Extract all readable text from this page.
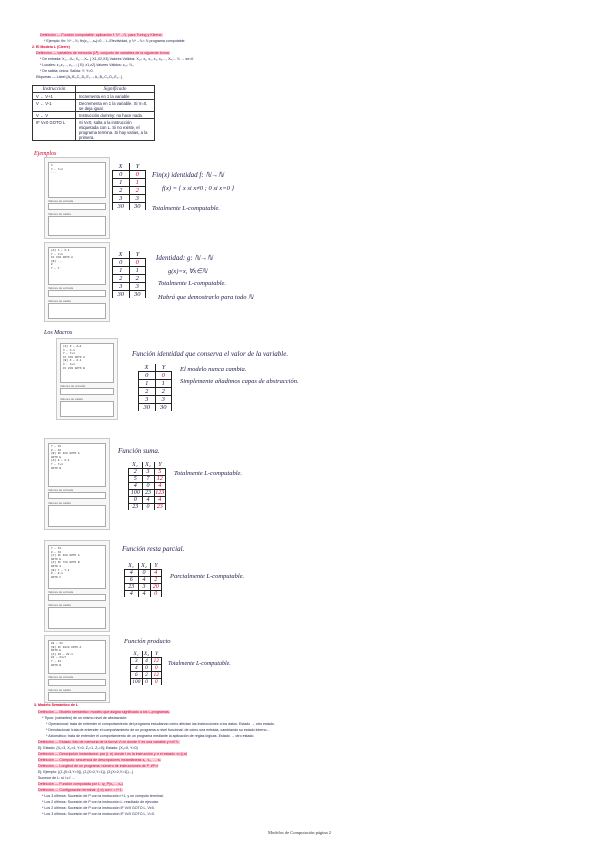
Definición — Función computable: aplicación f: ℕⁿ→ℕ, para Turing y Kleene.
* Ejemplo: fin: ℕⁿ→ℕ; fin(x₁,...,xₙ)=0 ... L-Efectividad, y ℕⁿ→ℕ= ℕ programa computable.
2. El Modelo L (Cierre)
Definición — variables de memoria (1ª): conjunto de variables de la siguiente forma:
* De entrada: X₁,..,Xₙ; X₁,...,Xₙ. { X1,X2,X3} Valores Válidos: X₁₀: x₁, x₂, x₃, x₄,..., Xₙ,... ℕ → se=0
* Locales: z₁,z₂..., z₁,...; { Ej: z1,z2} Valores Válidos: z₁₀: ℕ₀
* De salida: única: Salida: Y: Y=0.
Etiquetas — Label {A₁,B₁,C₁,D₁,E₁...; A₂,B₂,C₂,D₂,E₂...}
Instrucción	Significado
V ← V+1	Incrementa en 1 la variable
V ← V-1	Decrementa en 1 la variable. Si V=0, se deja igual.
V ← V	Instrucción dummy: no hace nada.
IF V≠0 GOTO L	Si V≠0, salta a la instrucción etiquetada con L. Si no existe, el programa termina. Si hay varias, a la primera.
Ejemplos
Los Macros
X
Y ← Y+1
...
Valores de entrada
Valores de salida
[A] X ← X-1
Y ← Y+1
IF X≠0 GOTO A
[B] ...
Z
Y ← Y
Valores de entrada
Valores de salida
[A] Z ← Z+1
X ← X-1
Y ← Y+1
IF X≠0 GOTO A
[B] Z ← Z-1
X ← X+1
IF Z≠0 GOTO B
Valores de entrada
Valores de salida
Y ← X1
Z ← X2
[B] IF Z≠0 GOTO A
GOTO E
[A] Z ← Z-1
Y ← Y+1
GOTO B
Valores de entrada
Valores de salida
Y ← X1
Z ← X2
[C] IF Z≠0 GOTO A
GOTO E
[A] IF Y≠0 GOTO B
GOTO A
[B] Y ← Y-1
Z ← Z-1
GOTO C
Valores de entrada
Valores de salida
Z2 ← X2
[B] IF Z2≠0 GOTO A
GOTO E
[A] Z2 ← Z2-1
Z1 ← X1+Y
Y ← Z1
GOTO B
Valores de entrada
Valores de salida
X	Y
0	0
1	1
2	2
3	3
30	30
Fin(x) identidad f: ℕ→ℕ
f(x) = { x si x≠0 ; 0 si x=0 }
Totalmente L-computable.
X	Y
0	0
1	1
2	2
3	3
30	30
Identidad: g: ℕ→ℕ
g(x)=x, ∀x∈ℕ
Totalmente L-computable.
Habrá que demostrarlo para todo ℕ
Función identidad que conserva el valor de la variable.
X	Y
0	0
1	1
2	2
3	3
30	30
El modelo nunca cambia.
Simplemente añadimos capas de abstracción.
Función suma.
X₁	X₂	Y
2	3	5
5	7	12
4	0	4
100	23	123
0	4	4
23	0	23
Totalmente L-computable.
Función resta parcial.
X₁	X₂	Y
4	0	4
6	4	2
23	3	20
4	4	0
Parcialmente L-computable.
Función producto
X₁	X₂	Y
3	4	12
4	0	0
6	2	12
100	0	0
Totalmente L-computable.
3. Modelo Semántico de L
Definición — Modelo semántico: modelo que asigna significado a los L-programas.
* Tipos: (variantes) de un mismo nivel de abstracción:
* Operacional: trata de entender el comportamiento del programa estudiando cómo afectan las instrucciones a los datos. Estado → otro estado.
* Denotacional: trata de entender el comportamiento de un programa a nivel funcional: de cómo una entrada, cambiando su estado interno...
* Axiomático: trata de entender el comportamiento de un programa mediante la aplicación de reglas lógicas. Estado → otro estado.
Definición — Estado: foto de memoria de la forma V=m donde V es una variable y m∈ℕ.
Ej: Estado: {X₁=3, X₂=4, Y=0, Z₁=1, Z₂=0}; Estado: {X₁=0, Y=0}
Definición — Descripción instantánea: par (i, σ) donde i es la instrucción y σ el estado: σ=(i,σ)
Definición — Cómputo: secuencia de descripciones instantáneas s₁, s₂, ..., sₖ
Definición — Longitud de un programa: número de instrucciones de P. #P=ℓ
Ej: Ejemplo: {(1,{X=3,Y=0}), (2,{X=2,Y=1}), (3,{X=2,Y=1})...}
Sucesor de L: si i ≤ ℓ ...
Definición — Función computada por L: ψ_P(x₁,...,xₙ)
Definición — Configuración terminal: (i,σ) con i = ℓ+1.
* Los 3 últimos: Sucesión de P con la instrucción i+1, y un cómputo terminal.
* Los 2 últimos: Sucesión de P con la instrucción L: resultado de ejecutar.
* Los 2 últimos: Sucesión de P con la instrucción IF V≠0 GOTO L, V≠0.
* Los 3 últimos: Sucesión de P con la instrucción IF V≠0 GOTO L, V=0.
Modelos de Computación página 2
